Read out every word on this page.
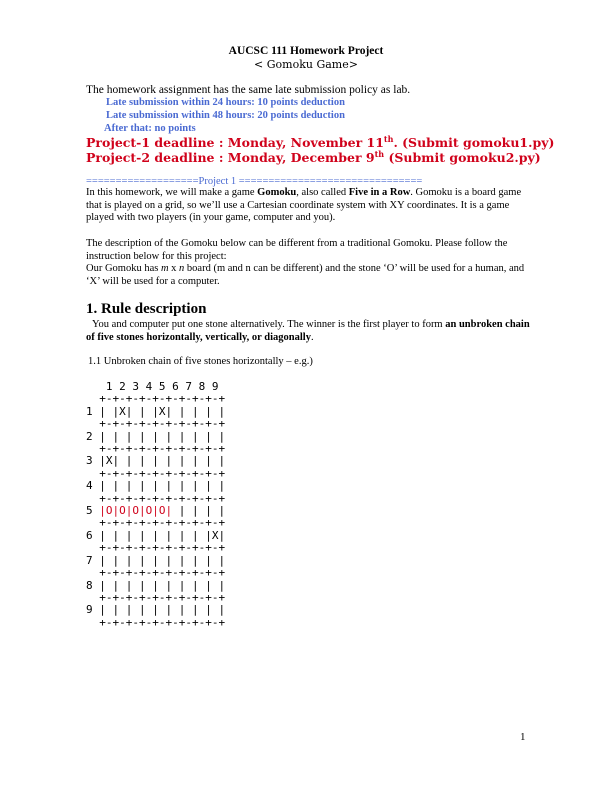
AUCSC 111 Homework Project
< Gomoku Game>
The homework assignment has the same late submission policy as lab.
Late submission within 24 hours: 10 points deduction
Late submission within 48 hours: 20 points deduction
After that: no points
Project-1 deadline : Monday, November 11th. (Submit gomoku1.py)
Project-2 deadline : Monday, December 9th (Submit gomoku2.py)
===================Project 1 ===============================
In this homework, we will make a game Gomoku, also called Five in a Row. Gomoku is a board game that is played on a grid, so we’ll use a Cartesian coordinate system with XY coordinates. It is a game played with two players (in your game, computer and you).
The description of the Gomoku below can be different from a traditional Gomoku. Please follow the instruction below for this project:
Our Gomoku has m x n board (m and n can be different) and the stone ‘O’ will be used for a human, and ‘X’ will be used for a computer.
1. Rule description
You and computer put one stone alternatively. The winner is the first player to form an unbroken chain of five stones horizontally, vertically, or diagonally.
1.1 Unbroken chain of five stones horizontally – e.g.)
1 2 3 4 5 6 7 8 9
+-+-+-+-+-+-+-+-+-+
1 | |X| | |X| | | | |
+-+-+-+-+-+-+-+-+-+
2 | | | | | | | | | |
+-+-+-+-+-+-+-+-+-+
3 |X| | | | | | | | |
+-+-+-+-+-+-+-+-+-+
4 | | | | | | | | | |
+-+-+-+-+-+-+-+-+-+
5 |O|O|O|O|O| | | | |
+-+-+-+-+-+-+-+-+-+
6 | | | | | | | | |X|
+-+-+-+-+-+-+-+-+-+
7 | | | | | | | | | |
+-+-+-+-+-+-+-+-+-+
8 | | | | | | | | | |
+-+-+-+-+-+-+-+-+-+
9 | | | | | | | | | |
+-+-+-+-+-+-+-+-+-+
1
